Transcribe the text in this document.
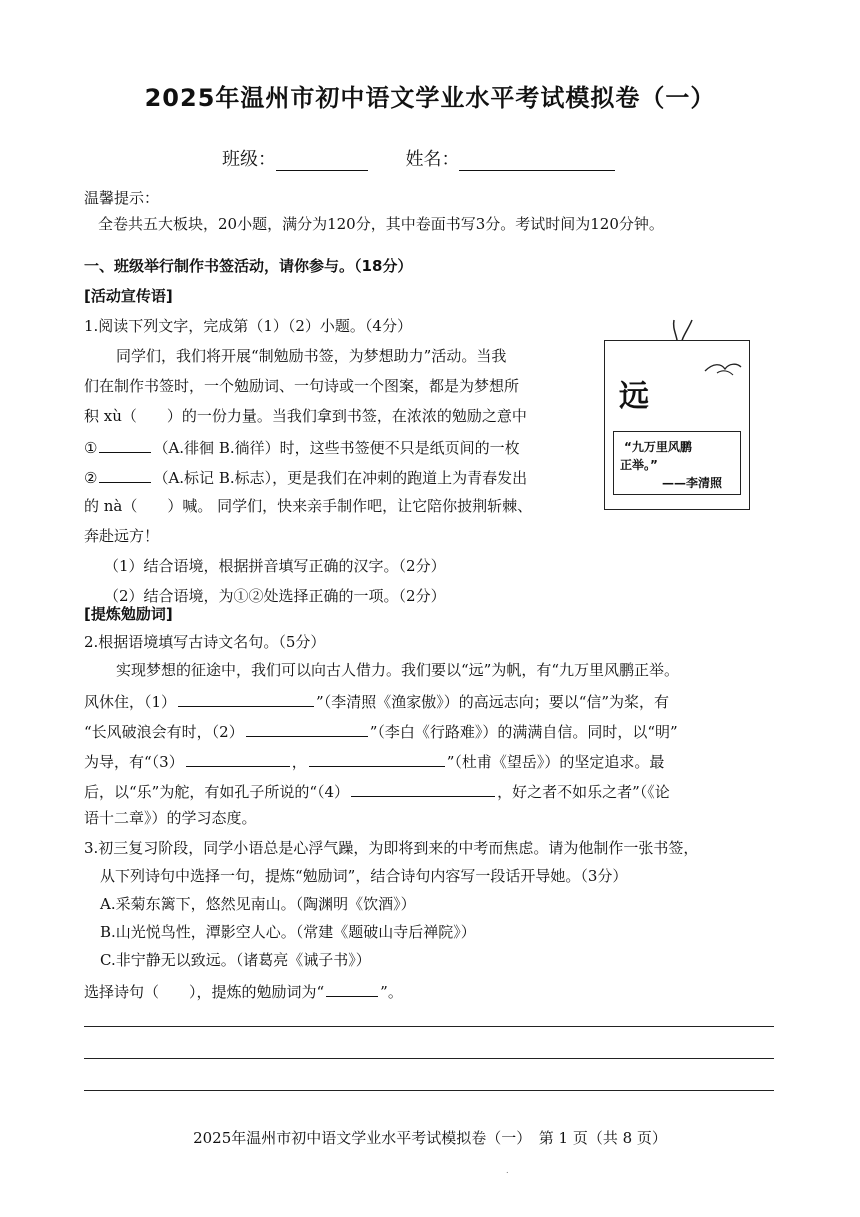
2025年温州市初中语文学业水平考试模拟卷（一）
班级：	姓名：
温馨提示：
全卷共五大板块，20小题，满分为120分，其中卷面书写3分。考试时间为120分钟。
一、班级举行制作书签活动，请你参与。（18分）
[活动宣传语]
1.阅读下列文字，完成第（1）（2）小题。（4分）
同学们，我们将开展“制勉励书签，为梦想助力”活动。当我
们在制作书签时，一个勉励词、一句诗或一个图案，都是为梦想所
积 xù（　　）的一份力量。当我们拿到书签，在浓浓的勉励之意中
①	（A.徘徊 B.徜徉）时，这些书签便不只是纸页间的一枚
②	（A.标记 B.标志），更是我们在冲刺的跑道上为青春发出
的 nà（　　）喊。 同学们，快来亲手制作吧，让它陪你披荆斩棘、
奔赴远方！
（1）结合语境，根据拼音填写正确的汉字。（2分）
（2）结合语境，为①②处选择正确的一项。（2分）
远
“九万里风鹏
正举。”
——李清照
[提炼勉励词]
2.根据语境填写古诗文名句。（5分）
实现梦想的征途中，我们可以向古人借力。我们要以“远”为帆，有“九万里风鹏正举。
风休住，（1）	”（李清照《渔家傲》）的高远志向；要以“信”为桨，有
“长风破浪会有时，（2）	”（李白《行路难》）的满满自信。同时，以“明”
为导，有“（3）	，	”（杜甫《望岳》）的坚定追求。最
后，以“乐”为舵，有如孔子所说的“（4）	，好之者不如乐之者”（《论
语十二章》）的学习态度。
3.初三复习阶段，同学小语总是心浮气躁，为即将到来的中考而焦虑。请为他制作一张书签，
从下列诗句中选择一句，提炼“勉励词”，结合诗句内容写一段话开导她。（3分）
A.采菊东篱下，悠然见南山。（陶渊明《饮酒》）
B.山光悦鸟性，潭影空人心。（常建《题破山寺后禅院》）
C.非宁静无以致远。（诸葛亮《诫子书》）
选择诗句（　　），提炼的勉励词为“	”。
2025年温州市初中语文学业水平考试模拟卷（一）　第 1 页（共 8 页）
.
